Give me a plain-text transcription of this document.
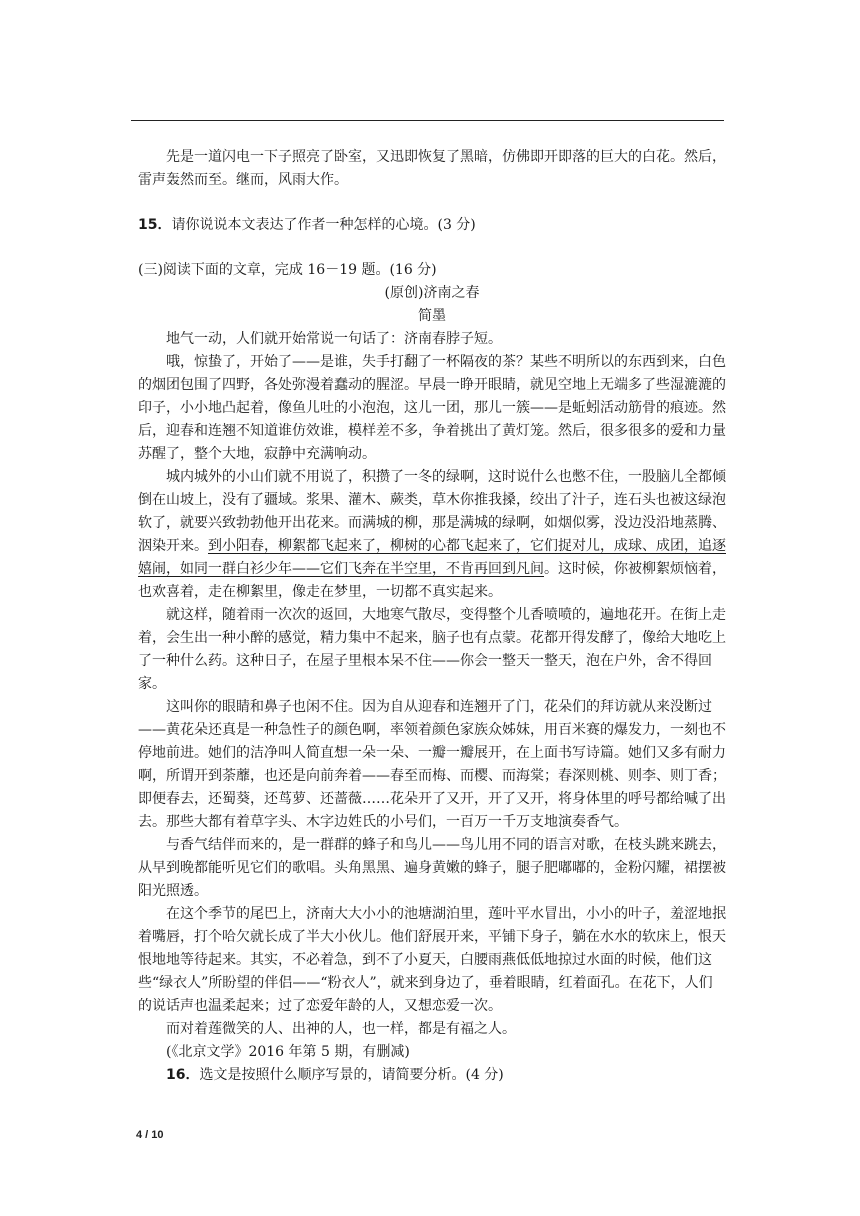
先是一道闪电一下子照亮了卧室，又迅即恢复了黑暗，仿佛即开即落的巨大的白花。然后，雷声轰然而至。继而，风雨大作。

15．请你说说本文表达了作者一种怎样的心境。(3 分)

(三)阅读下面的文章，完成 16－19 题。(16 分)

(原创)济南之春

简墨

地气一动，人们就开始常说一句话了：济南春脖子短。

哦，惊蛰了，开始了——是谁，失手打翻了一杯隔夜的茶？某些不明所以的东西到来，白色的烟团包围了四野，各处弥漫着蠢动的腥涩。早晨一睁开眼睛，就见空地上无端多了些湿漉漉的印子，小小地凸起着，像鱼儿吐的小泡泡，这儿一团，那儿一簇——是蚯蚓活动筋骨的痕迹。然后，迎春和连翘不知道谁仿效谁，模样差不多，争着挑出了黄灯笼。然后，很多很多的爱和力量苏醒了，整个大地，寂静中充满响动。

城内城外的小山们就不用说了，积攒了一冬的绿啊，这时说什么也憋不住，一股脑儿全都倾倒在山坡上，没有了疆域。浆果、灌木、蕨类，草木你推我搡，绞出了汁子，连石头也被这绿泡软了，就要兴致勃勃他开出花来。而满城的柳，那是满城的绿啊，如烟似雾，没边没沿地蒸腾、洇染开来。到小阳春，柳絮都飞起来了，柳树的心都飞起来了，它们捉对儿，成球、成团，追逐嬉闹，如同一群白衫少年——它们飞奔在半空里，不肯再回到凡间。这时候，你被柳絮烦恼着，也欢喜着，走在柳絮里，像走在梦里，一切都不真实起来。

就这样，随着雨一次次的返回，大地寒气散尽，变得整个儿香喷喷的，遍地花开。在街上走着，会生出一种小醉的感觉，精力集中不起来，脑子也有点蒙。花都开得发酵了，像给大地吃上了一种什么药。这种日子，在屋子里根本呆不住——你会一整天一整天，泡在户外，舍不得回家。

这叫你的眼睛和鼻子也闲不住。因为自从迎春和连翘开了门，花朵们的拜访就从来没断过——黄花朵还真是一种急性子的颜色啊，率领着颜色家族众姊妹，用百米赛的爆发力，一刻也不停地前进。她们的洁净叫人简直想一朵一朵、一瓣一瓣展开，在上面书写诗篇。她们又多有耐力啊，所谓开到荼蘼，也还是向前奔着——春至而梅、而樱、而海棠；春深则桃、则李、则丁香；即便春去，还蜀葵，还茑萝、还蔷薇……花朵开了又开，开了又开，将身体里的呼号都给喊了出去。那些大都有着草字头、木字边姓氏的小号们，一百万一千万支地演奏香气。

与香气结伴而来的，是一群群的蜂子和鸟儿——鸟儿用不同的语言对歌，在枝头跳来跳去，从早到晚都能听见它们的歌唱。头角黑黑、遍身黄嫩的蜂子，腿子肥嘟嘟的，金粉闪耀，裙摆被阳光照透。

在这个季节的尾巴上，济南大大小小的池塘湖泊里，莲叶平水冒出，小小的叶子，羞涩地抿着嘴唇，打个哈欠就长成了半大小伙儿。他们舒展开来，平铺下身子，躺在水水的软床上，恨天恨地地等待起来。其实，不必着急，到不了小夏天，白腰雨燕低低地掠过水面的时候，他们这些“绿衣人”所盼望的伴侣——“粉衣人”，就来到身边了，垂着眼睛，红着面孔。在花下，人们的说话声也温柔起来；过了恋爱年龄的人，又想恋爱一次。

而对着莲微笑的人、出神的人，也一样，都是有福之人。

(《北京文学》2016 年第 5 期，有删减)

16．选文是按照什么顺序写景的，请简要分析。(4 分)

4 / 10
